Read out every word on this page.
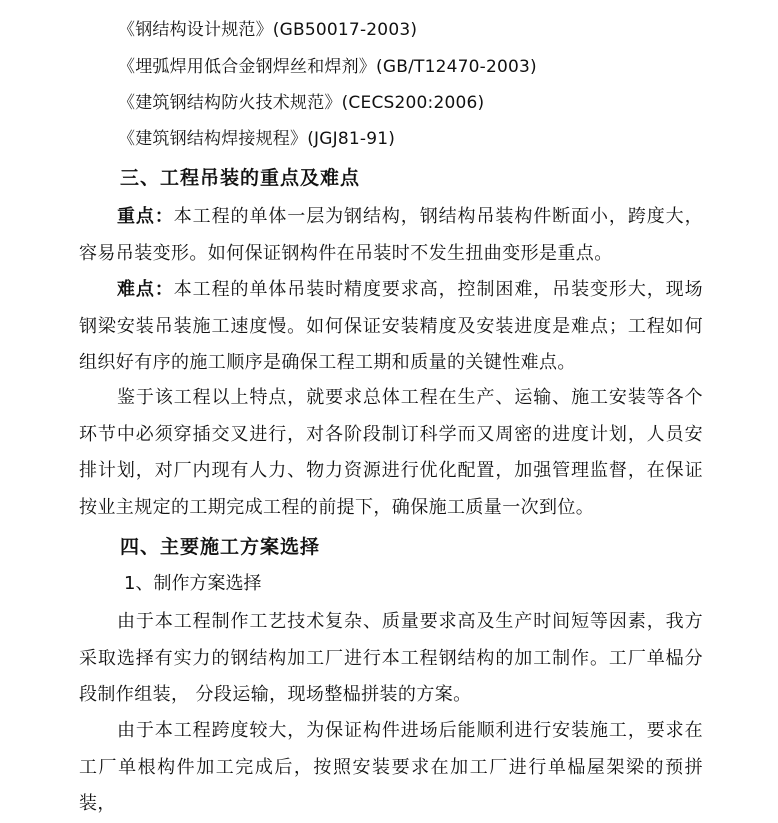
《钢结构设计规范》(GB50017-2003)
《埋弧焊用低合金钢焊丝和焊剂》(GB/T12470-2003)
《建筑钢结构防火技术规范》(CECS200:2006)
《建筑钢结构焊接规程》(JGJ81-91)
三、工程吊装的重点及难点
重点：本工程的单体一层为钢结构，钢结构吊装构件断面小，跨度大，容易吊装变形。如何保证钢构件在吊装时不发生扭曲变形是重点。
难点：本工程的单体吊装时精度要求高，控制困难，吊装变形大，现场钢梁安装吊装施工速度慢。如何保证安装精度及安装进度是难点；工程如何组织好有序的施工顺序是确保工程工期和质量的关键性难点。
鉴于该工程以上特点，就要求总体工程在生产、运输、施工安装等各个环节中必须穿插交叉进行，对各阶段制订科学而又周密的进度计划，人员安排计划，对厂内现有人力、物力资源进行优化配置，加强管理监督，在保证按业主规定的工期完成工程的前提下，确保施工质量一次到位。
四、主要施工方案选择
1、制作方案选择
由于本工程制作工艺技术复杂、质量要求高及生产时间短等因素，我方采取选择有实力的钢结构加工厂进行本工程钢结构的加工制作。工厂单榀分段制作组装， 分段运输，现场整榀拼装的方案。
由于本工程跨度较大，为保证构件进场后能顺利进行安装施工，要求在工厂单根构件加工完成后，按照安装要求在加工厂进行单榀屋架梁的预拼装，
